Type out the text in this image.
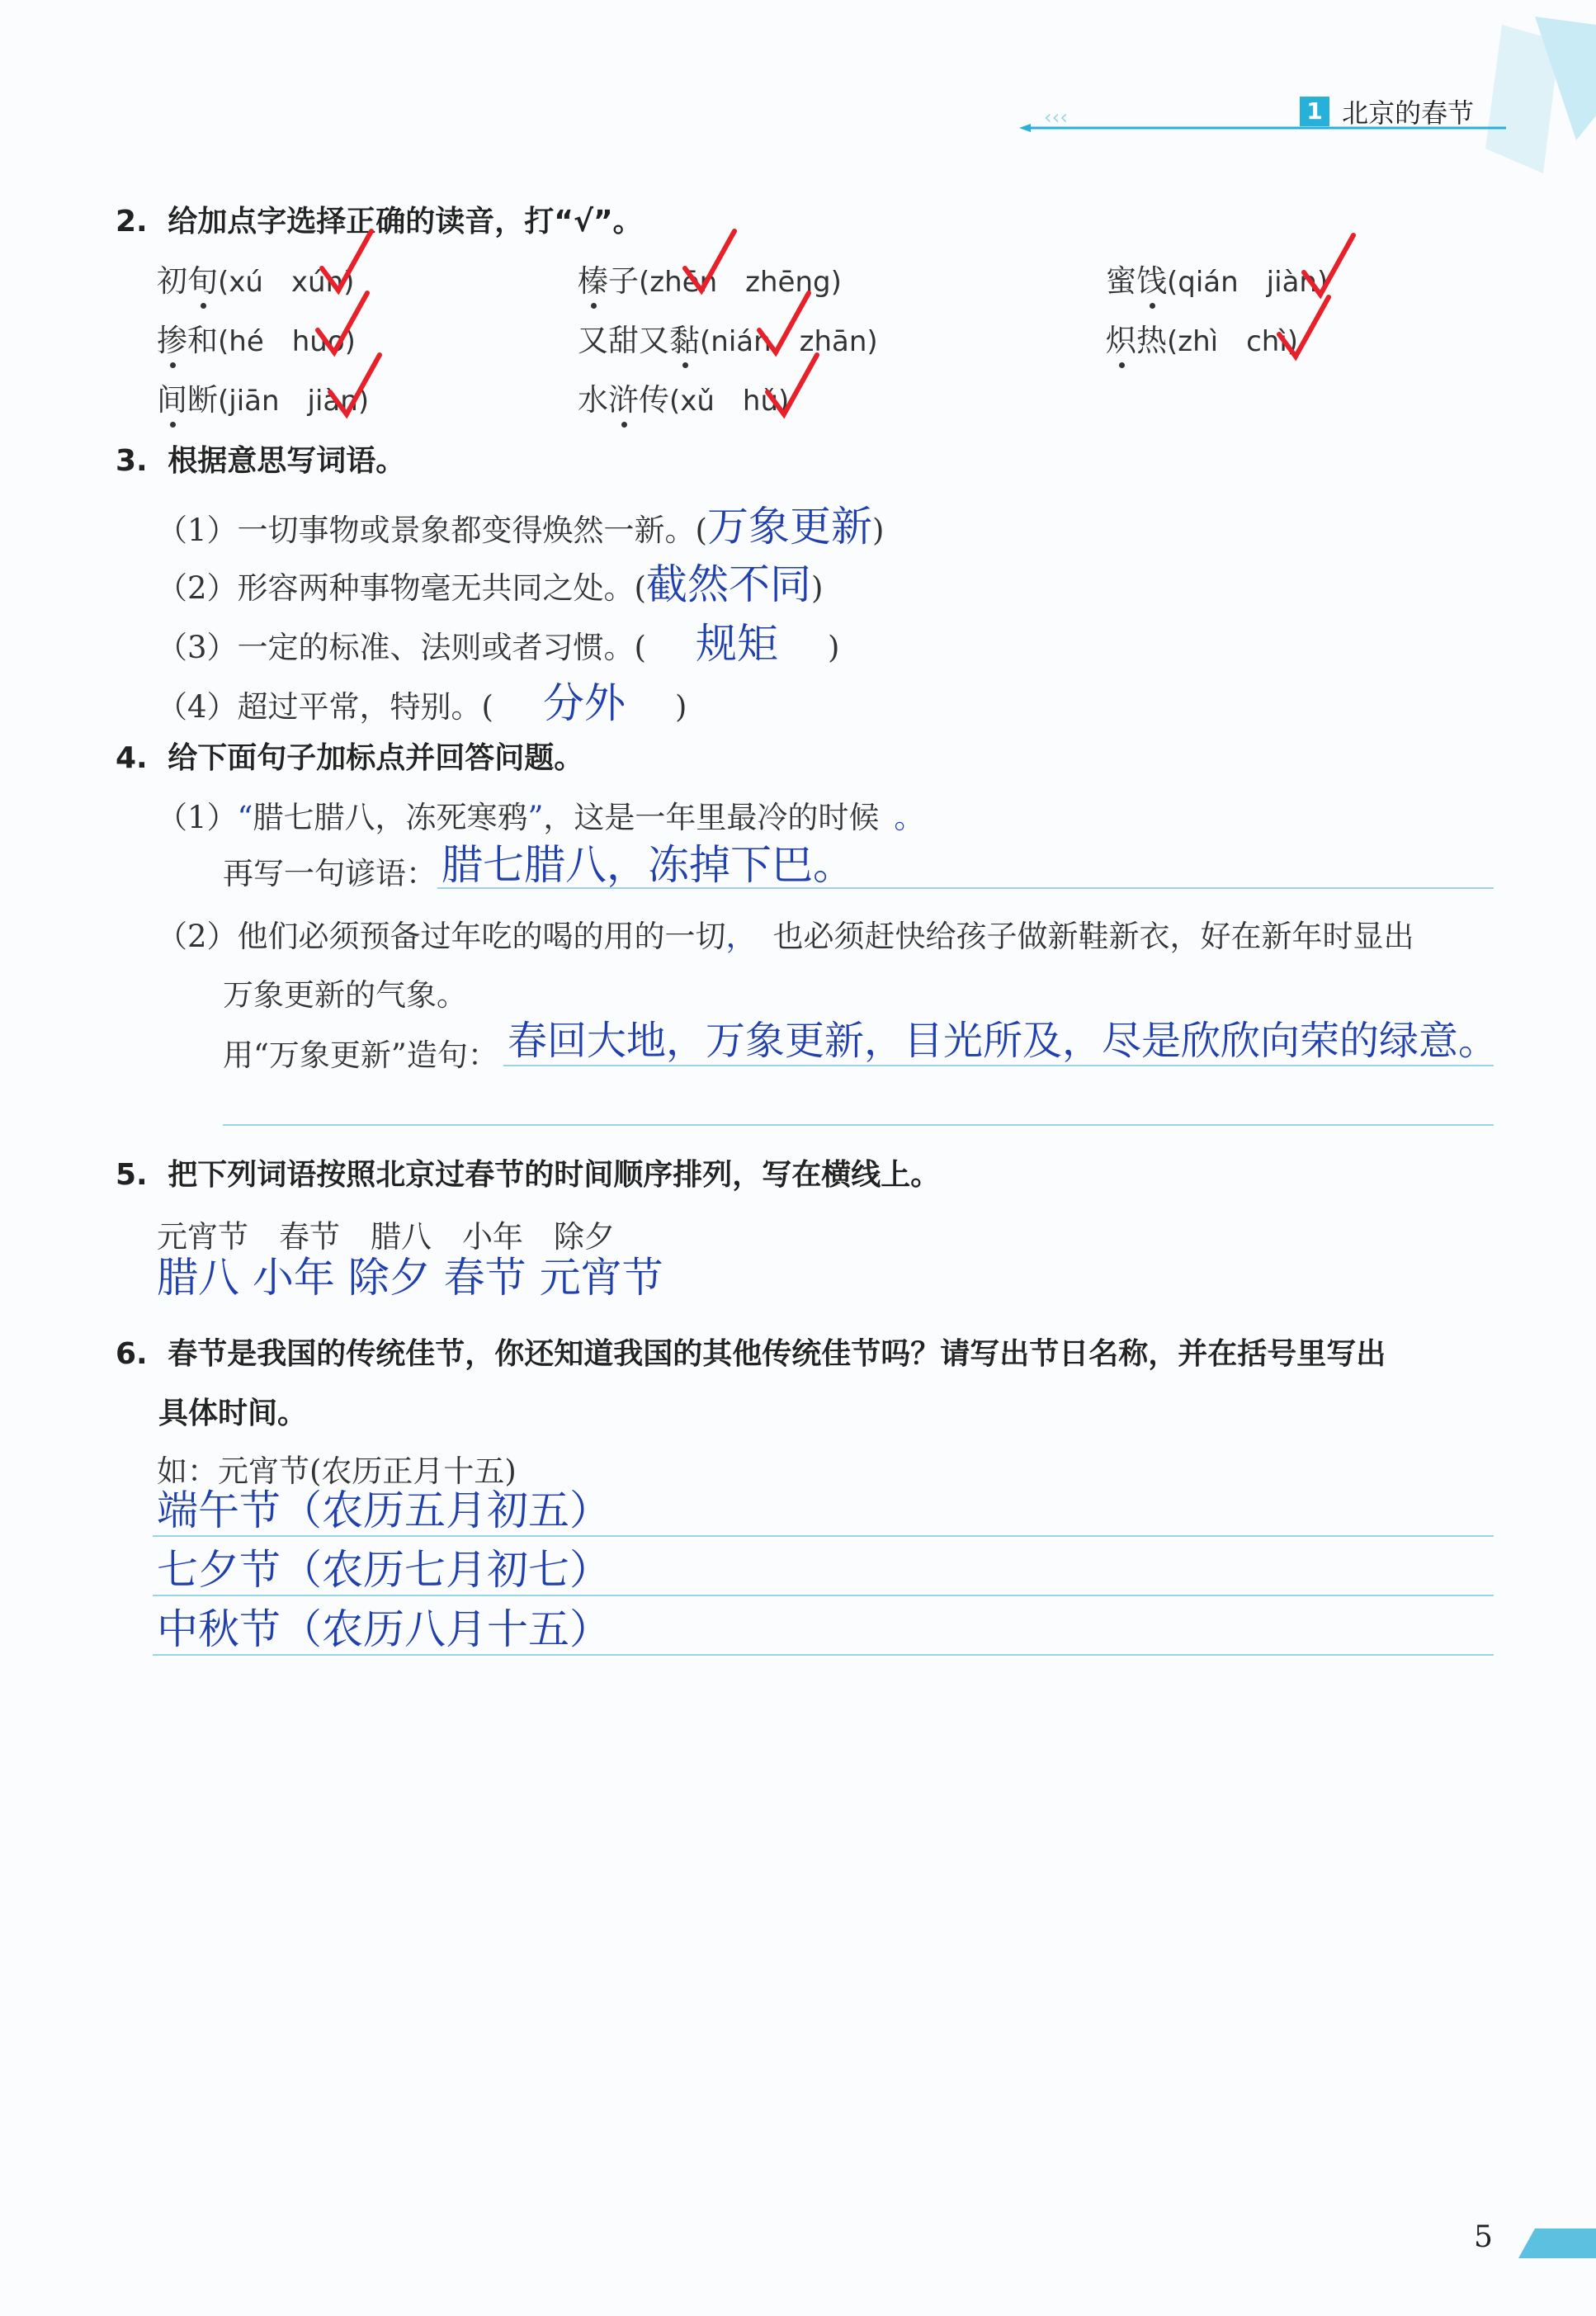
1 北京的春节
‹‹‹
2. 给加点字选择正确的读音，打“√”。
初旬(xú　xún)	榛子(zhēn　zhēng)	蜜饯(qián　jiàn)
掺和(hé　huo)	又甜又黏(nián　zhān)	炽热(zhì　chì)
间断(jiān　jiàn)	水浒传(xǔ　hǔ)
3. 根据意思写词语。
（1）一切事物或景象都变得焕然一新。(万象更新)
（2）形容两种事物毫无共同之处。(截然不同)
（3）一定的标准、法则或者习惯。( 规矩 )
（4）超过平常，特别。( 分外 )
4. 给下面句子加标点并回答问题。
（1）“腊七腊八，冻死寒鸦”，这是一年里最冷的时候 。
再写一句谚语： 腊七腊八，冻掉下巴。
（2）他们必须预备过年吃的喝的用的一切， 也必须赶快给孩子做新鞋新衣，好在新年时显出
万象更新的气象。
用“万象更新”造句： 春回大地，万象更新，目光所及，尽是欣欣向荣的绿意。
5. 把下列词语按照北京过春节的时间顺序排列，写在横线上。
元宵节　春节　腊八　小年　除夕
腊八 小年 除夕 春节 元宵节
6. 春节是我国的传统佳节，你还知道我国的其他传统佳节吗？请写出节日名称，并在括号里写出
具体时间。
如：元宵节(农历正月十五)
端午节（农历五月初五）
七夕节（农历七月初七）
中秋节（农历八月十五）
5
